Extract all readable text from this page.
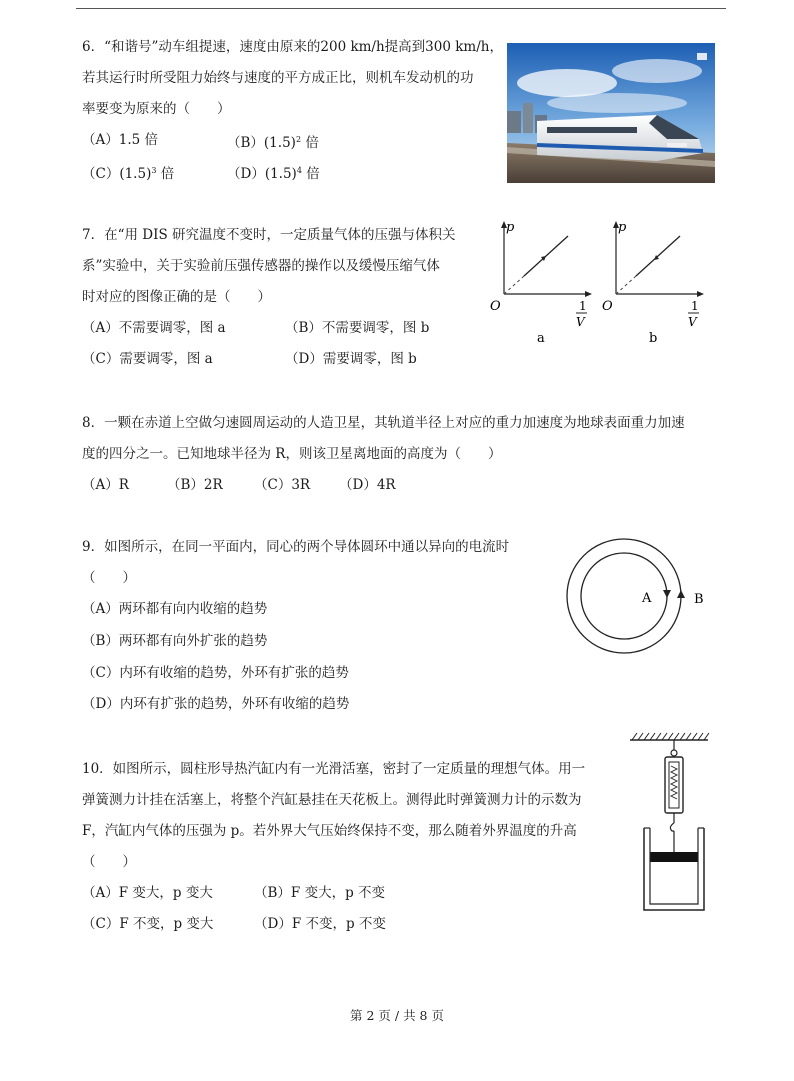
6．“和谐号”动车组提速，速度由原来的200 km/h提高到300 km/h，
若其运行时所受阻力始终与速度的平方成正比，则机车发动机的功
率要变为原来的（　　）
（A）1.5 倍	$(B)(1.5)^2$ 倍
$(C)(1.5)^3$ 倍	$(D)(1.5)^4$ 倍
7．在“用 DIS 研究温度不变时，一定质量气体的压强与体积关
系”实验中，关于实验前压强传感器的操作以及缓慢压缩气体
时对应的图像正确的是（　　）
（A）不需要调零，图 a	（B）不需要调零，图 b
（C）需要调零，图 a	（D）需要调零，图 b
p
O	1
V
a
p
O	1
V
b
8．一颗在赤道上空做匀速圆周运动的人造卫星，其轨道半径上对应的重力加速度为地球表面重力加速
度的四分之一。已知地球半径为 R，则该卫星离地面的高度为（　　）
（A）R	（B）2R （C）3R （D）4R
9．如图所示，在同一平面内，同心的两个导体圆环中通以异向的电流时
（　　）
（A）两环都有向内收缩的趋势
（B）两环都有向外扩张的趋势
（C）内环有收缩的趋势，外环有扩张的趋势
（D）内环有扩张的趋势，外环有收缩的趋势
A	B
10．如图所示，圆柱形导热汽缸内有一光滑活塞，密封了一定质量的理想气体。用一
弹簧测力计挂在活塞上，将整个汽缸悬挂在天花板上。测得此时弹簧测力计的示数为
F，汽缸内气体的压强为 p。若外界大气压始终保持不变，那么随着外界温度的升高
（　　）
（A）F 变大，p 变大	（B）F 变大，p 不变
（C）F 不变，p 变大	（D）F 不变，p 不变
第 2 页 / 共 8 页
